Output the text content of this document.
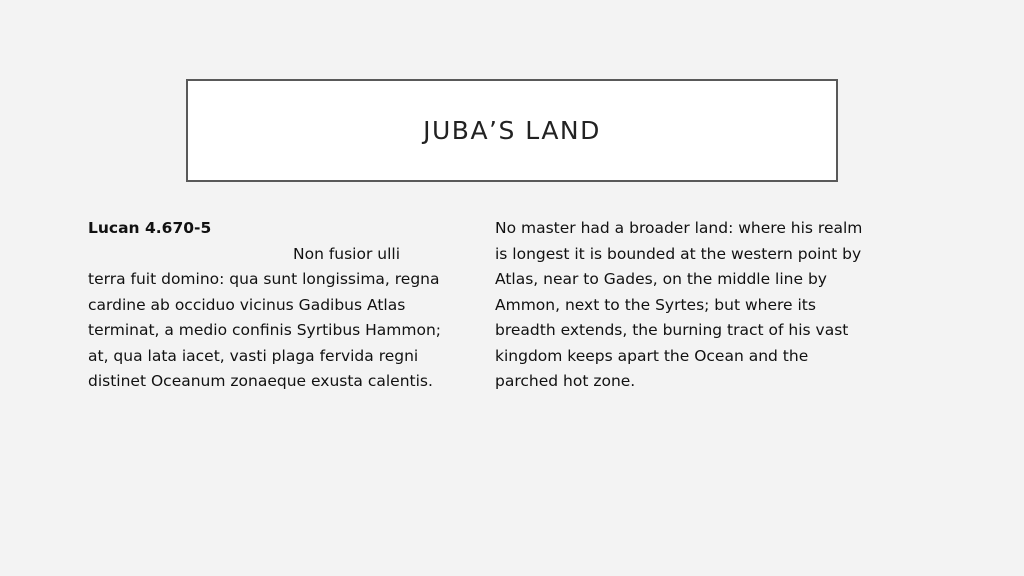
JUBA’S LAND
Lucan 4.670-5
Non fusior ulli
terra fuit domino: qua sunt longissima, regna
cardine ab occiduo vicinus Gadibus Atlas
terminat, a medio confinis Syrtibus Hammon;
at, qua lata iacet, vasti plaga fervida regni
distinet Oceanum zonaeque exusta calentis.
No master had a broader land: where his realm
is longest it is bounded at the western point by
Atlas, near to Gades, on the middle line by
Ammon, next to the Syrtes; but where its
breadth extends, the burning tract of his vast
kingdom keeps apart the Ocean and the
parched hot zone.
